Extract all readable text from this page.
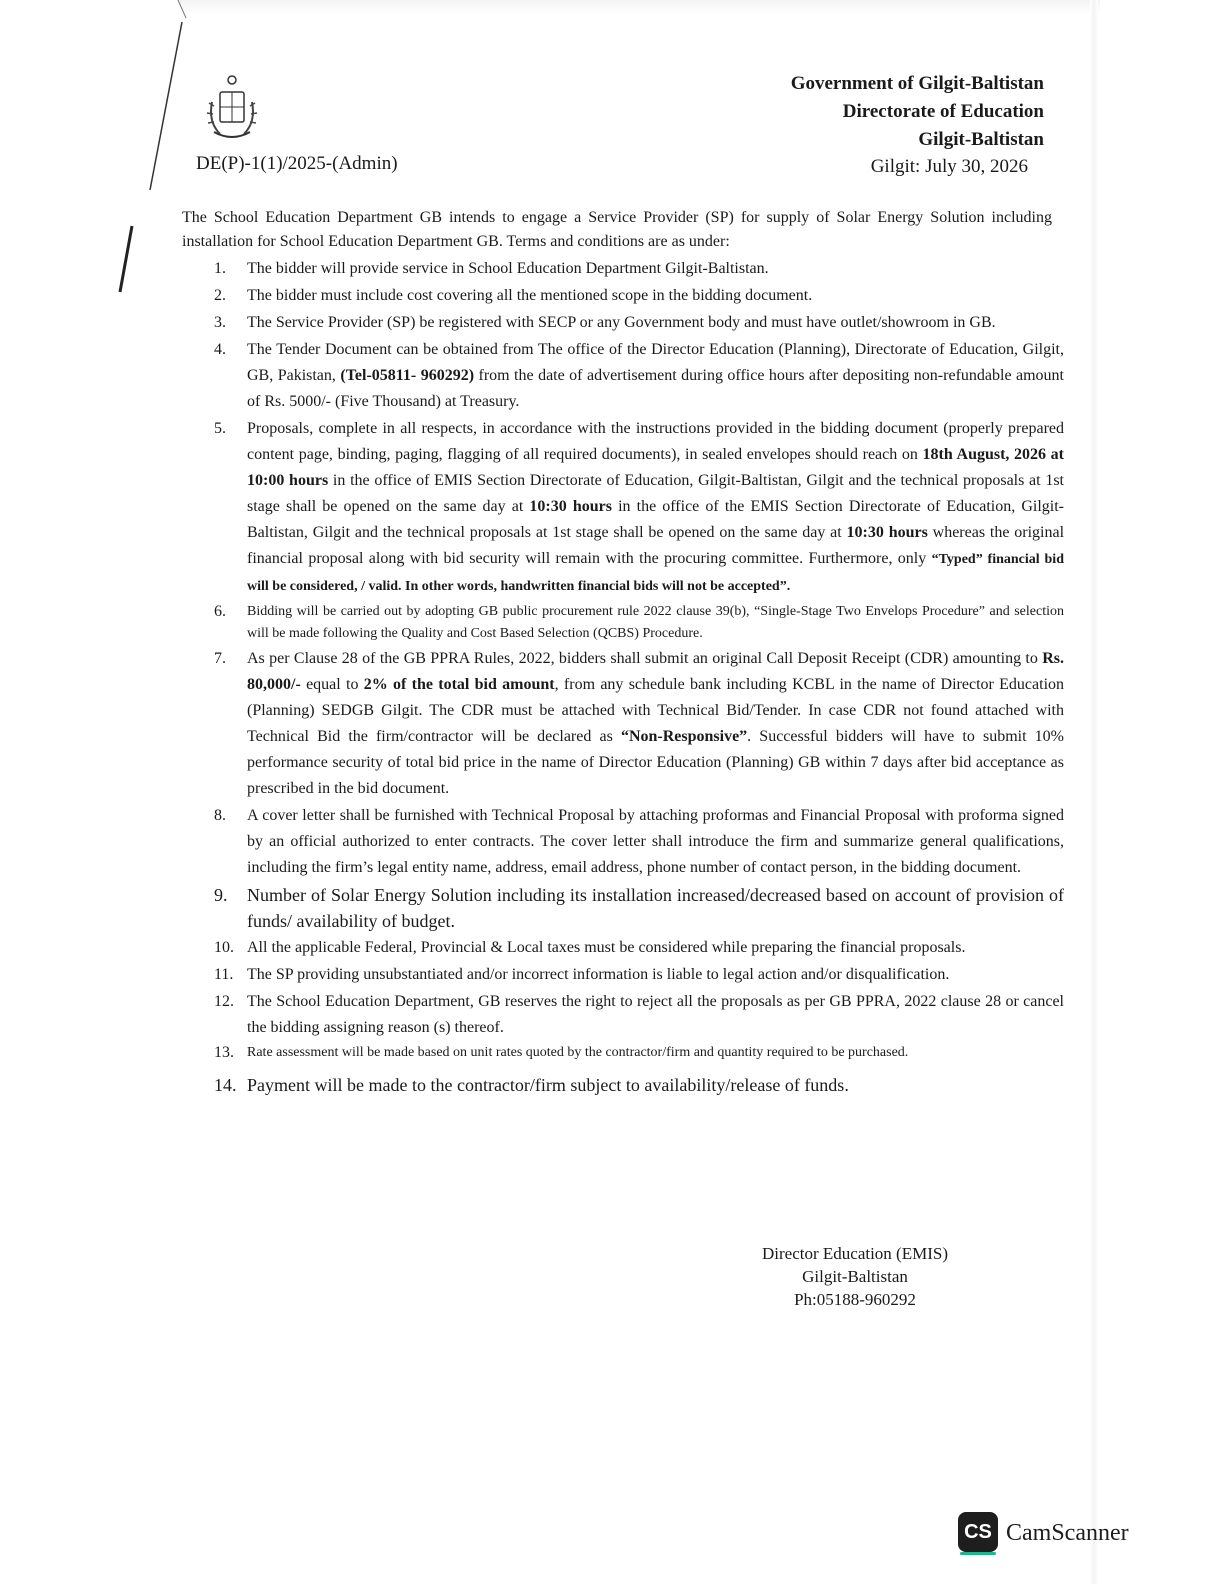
Government of Gilgit-Baltistan
Directorate of Education
Gilgit-Baltistan
Gilgit: July 30, 2026
DE(P)-1(1)/2025-(Admin)
The School Education Department GB intends to engage a Service Provider (SP) for supply of Solar Energy Solution including installation for School Education Department GB. Terms and conditions are as under:
1.	The bidder will provide service in School Education Department Gilgit-Baltistan.
2.	The bidder must include cost covering all the mentioned scope in the bidding document.
3.	The Service Provider (SP) be registered with SECP or any Government body and must have outlet/showroom in GB.
4.	The Tender Document can be obtained from The office of the Director Education (Planning), Directorate of Education, Gilgit, GB, Pakistan, (Tel-05811- 960292) from the date of advertisement during office hours after depositing non-refundable amount of Rs. 5000/- (Five Thousand) at Treasury.
5.	Proposals, complete in all respects, in accordance with the instructions provided in the bidding document (properly prepared content page, binding, paging, flagging of all required documents), in sealed envelopes should reach on 18th August, 2026 at 10:00 hours in the office of EMIS Section Directorate of Education, Gilgit-Baltistan, Gilgit and the technical proposals at 1st stage shall be opened on the same day at 10:30 hours in the office of the EMIS Section Directorate of Education, Gilgit-Baltistan, Gilgit and the technical proposals at 1st stage shall be opened on the same day at 10:30 hours whereas the original financial proposal along with bid security will remain with the procuring committee. Furthermore, only “Typed” financial bid will be considered, / valid. In other words, handwritten financial bids will not be accepted”.
6.	Bidding will be carried out by adopting GB public procurement rule 2022 clause 39(b), “Single-Stage Two Envelops Procedure” and selection will be made following the Quality and Cost Based Selection (QCBS) Procedure.
7.	As per Clause 28 of the GB PPRA Rules, 2022, bidders shall submit an original Call Deposit Receipt (CDR) amounting to Rs. 80,000/- equal to 2% of the total bid amount, from any schedule bank including KCBL in the name of Director Education (Planning) SEDGB Gilgit. The CDR must be attached with Technical Bid/Tender. In case CDR not found attached with Technical Bid the firm/contractor will be declared as “Non-Responsive”. Successful bidders will have to submit 10% performance security of total bid price in the name of Director Education (Planning) GB within 7 days after bid acceptance as prescribed in the bid document.
8.	A cover letter shall be furnished with Technical Proposal by attaching proformas and Financial Proposal with proforma signed by an official authorized to enter contracts. The cover letter shall introduce the firm and summarize general qualifications, including the firm’s legal entity name, address, email address, phone number of contact person, in the bidding document.
9.	Number of Solar Energy Solution including its installation increased/decreased based on account of provision of funds/ availability of budget.
10. All the applicable Federal, Provincial & Local taxes must be considered while preparing the financial proposals.
11. The SP providing unsubstantiated and/or incorrect information is liable to legal action and/or disqualification.
12. The School Education Department, GB reserves the right to reject all the proposals as per GB PPRA, 2022 clause 28 or cancel the bidding assigning reason (s) thereof.
13. Rate assessment will be made based on unit rates quoted by the contractor/firm and quantity required to be purchased.
14. Payment will be made to the contractor/firm subject to availability/release of funds.
Director Education (EMIS)
Gilgit-Baltistan
Ph:05188-960292
CS CamScanner
